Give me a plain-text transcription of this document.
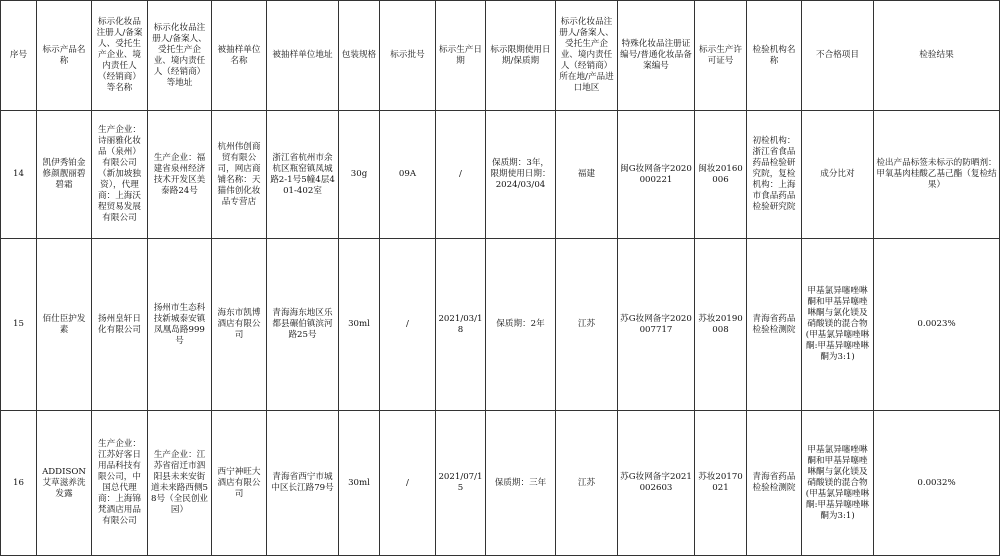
序号	标示产品名称	标示化妆品注册人/备案人、受托生产企业、境内责任人（经销商）等名称	标示化妆品注册人/备案人、受托生产企业、境内责任人（经销商）等地址	被抽样单位名称	被抽样单位地址	包装规格	标示批号	标示生产日期	标示限期使用日期/保质期	标示化妆品注册人/备案人、受托生产企业、境内责任人（经销商）所在地/产品进口地区	特殊化妆品注册证编号/普通化妆品备案编号	标示生产许可证号	检验机构名称	不合格项目	检验结果
14	凯伊秀铂金修颜靓丽碧碧霜	生产企业：诗丽雅化妆品（泉州）有限公司（新加坡独资），代理商：上海沃程贸易发展有限公司	生产企业：福建省泉州经济技术开发区美泰路24号	杭州伟创商贸有限公司，网店商铺名称：天猫伟创化妆品专营店	浙江省杭州市余杭区瓶窑镇凤城路2-1号5幢4层401-402室	30g	09A	/	保质期：3年，限期使用日期：2024/03/04	福建	闽G妆网备字2020000221	闽妆20160006	初检机构：浙江省食品药品检验研究院，复检机构：上海市食品药品检验研究院	成分比对	检出产品标签未标示的防晒剂：甲氧基肉桂酸乙基己酯（复检结果）
15	佰仕臣护发素	扬州皇轩日化有限公司	扬州市生态科技新城泰安镇凤凰岛路999号	海东市凯博酒店有限公司	青海海东地区乐都县碾伯镇滨河路25号	30ml	/	2021/03/18	保质期：2年	江苏	苏G妆网备字2020007717	苏妆20190008	青海省药品检验检测院	甲基氯异噻唑啉酮和甲基异噻唑啉酮与氯化镁及硝酸镁的混合物(甲基氯异噻唑啉酮:甲基异噻唑啉酮为3:1)	0.0023%
16	ADDISON艾草滋养洗发露	生产企业：江苏好客日用品科技有限公司，中国总代理商：上海锦梵酒店用品有限公司	生产企业：江苏省宿迁市泗阳县未来安街道未来路西侧58号（全民创业园）	西宁神旺大酒店有限公司	青海省西宁市城中区长江路79号	30ml	/	2021/07/15	保质期：三年	江苏	苏G妆网备字2021002603	苏妆20170021	青海省药品检验检测院	甲基氯异噻唑啉酮和甲基异噻唑啉酮与氯化镁及硝酸镁的混合物(甲基氯异噻唑啉酮:甲基异噻唑啉酮为3:1)	0.0032%
